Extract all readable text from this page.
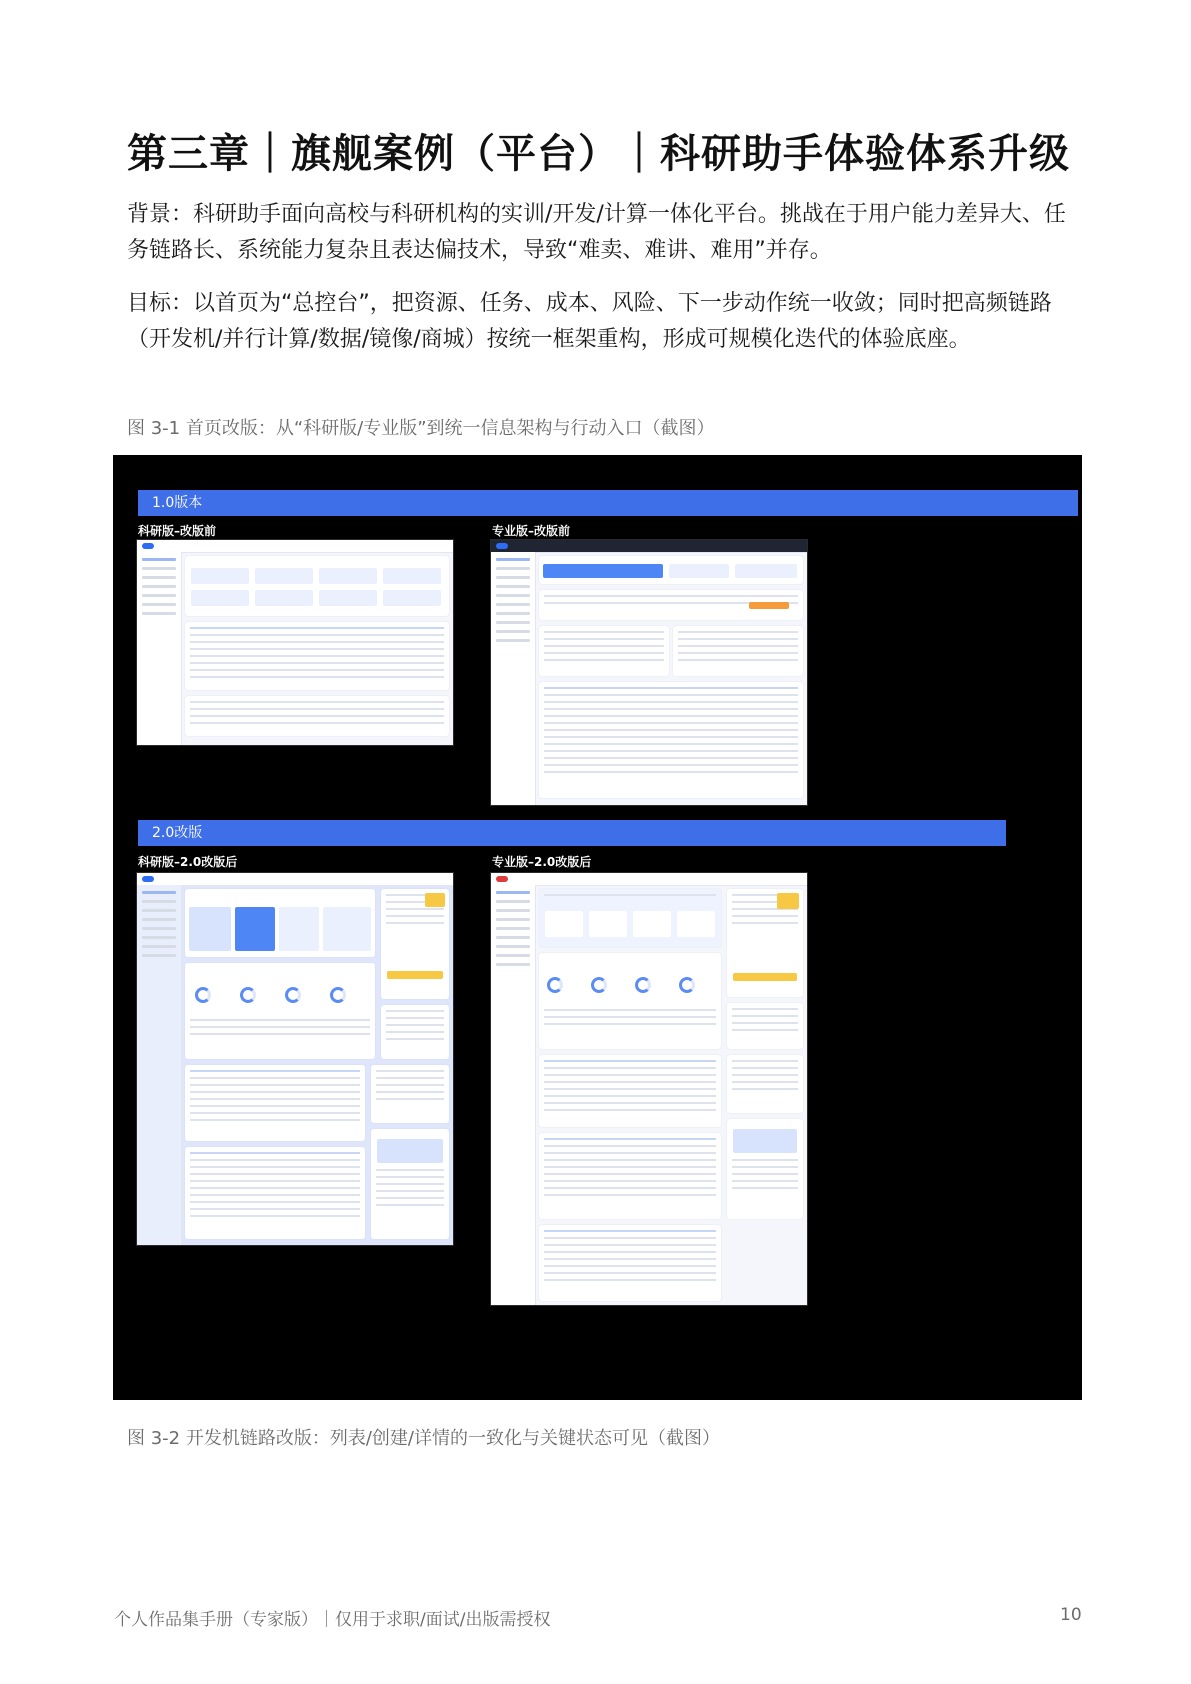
第三章｜旗舰案例（平台）｜科研助手体验体系升级
背景：科研助手面向高校与科研机构的实训/开发/计算一体化平台。挑战在于用户能力差异大、任务链路长、系统能力复杂且表达偏技术，导致“难卖、难讲、难用”并存。
目标：以首页为“总控台”，把资源、任务、成本、风险、下一步动作统一收敛；同时把高频链路（开发机/并行计算/数据/镜像/商城）按统一框架重构，形成可规模化迭代的体验底座。
图 3-1 首页改版：从“科研版/专业版”到统一信息架构与行动入口（截图）
1.0版本
科研版–改版前	专业版–改版前
2.0改版
科研版–2.0改版后	专业版–2.0改版后
图 3-2 开发机链路改版：列表/创建/详情的一致化与关键状态可见（截图）
个人作品集手册（专家版）｜仅用于求职/面试/出版需授权	10
